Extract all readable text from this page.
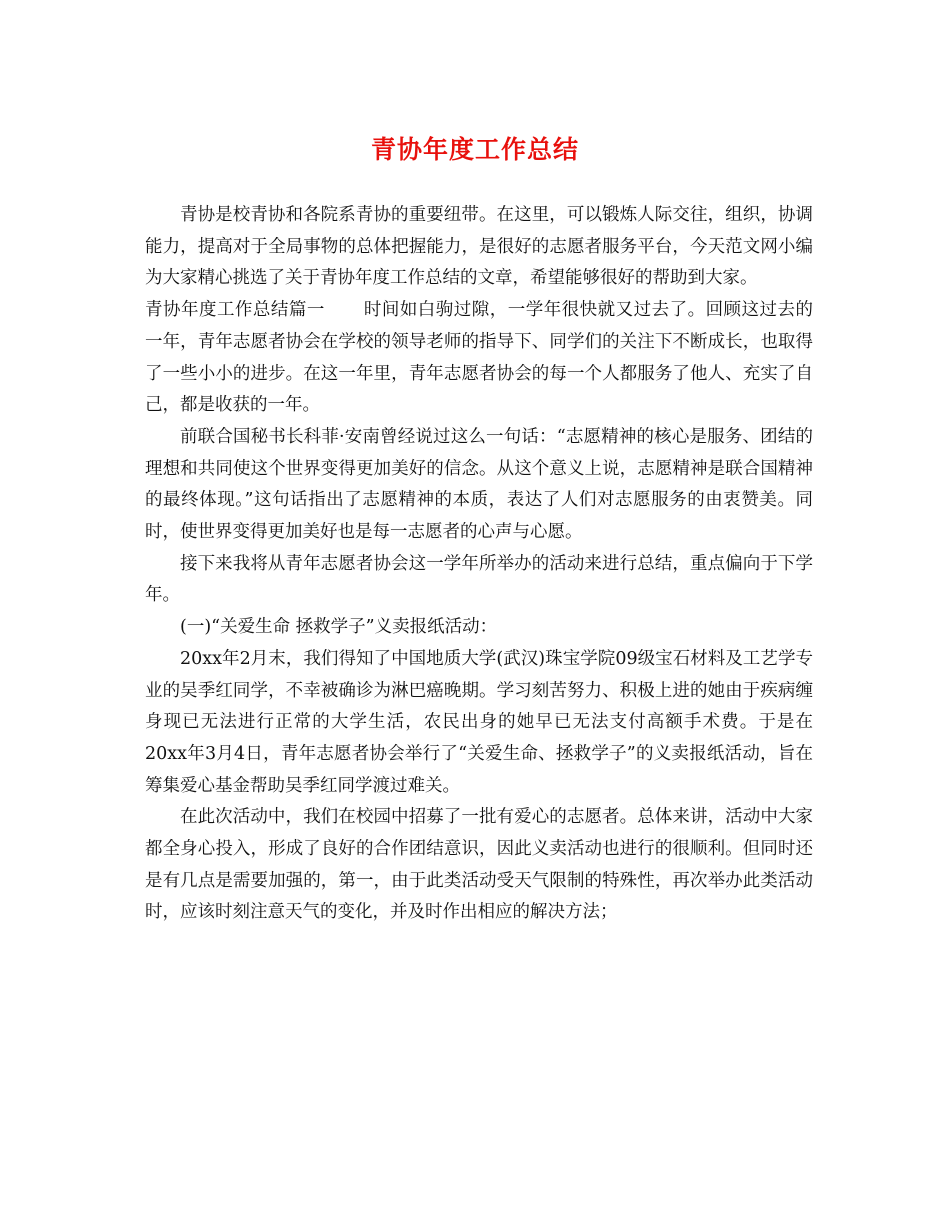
青协年度工作总结

青协是校青协和各院系青协的重要纽带。在这里，可以锻炼人际交往，组织，协调能力，提高对于全局事物的总体把握能力，是很好的志愿者服务平台，今天范文网小编为大家精心挑选了关于青协年度工作总结的文章，希望能够很好的帮助到大家。

青协年度工作总结篇一 时间如白驹过隙，一学年很快就又过去了。回顾这过去的一年，青年志愿者协会在学校的领导老师的指导下、同学们的关注下不断成长，也取得了一些小小的进步。在这一年里，青年志愿者协会的每一个人都服务了他人、充实了自己，都是收获的一年。

前联合国秘书长科菲·安南曾经说过这么一句话：“志愿精神的核心是服务、团结的理想和共同使这个世界变得更加美好的信念。从这个意义上说，志愿精神是联合国精神的最终体现。”这句话指出了志愿精神的本质，表达了人们对志愿服务的由衷赞美。同时，使世界变得更加美好也是每一志愿者的心声与心愿。

接下来我将从青年志愿者协会这一学年所举办的活动来进行总结，重点偏向于下学年。

(一)“关爱生命 拯救学子”义卖报纸活动：

20xx年2月末，我们得知了中国地质大学(武汉)珠宝学院09级宝石材料及工艺学专业的吴季红同学，不幸被确诊为淋巴癌晚期。学习刻苦努力、积极上进的她由于疾病缠身现已无法进行正常的大学生活，农民出身的她早已无法支付高额手术费。于是在20xx年3月4日，青年志愿者协会举行了“关爱生命、拯救学子”的义卖报纸活动，旨在筹集爱心基金帮助吴季红同学渡过难关。

在此次活动中，我们在校园中招募了一批有爱心的志愿者。总体来讲，活动中大家都全身心投入，形成了良好的合作团结意识，因此义卖活动也进行的很顺利。但同时还是有几点是需要加强的，第一，由于此类活动受天气限制的特殊性，再次举办此类活动时，应该时刻注意天气的变化，并及时作出相应的解决方法；
